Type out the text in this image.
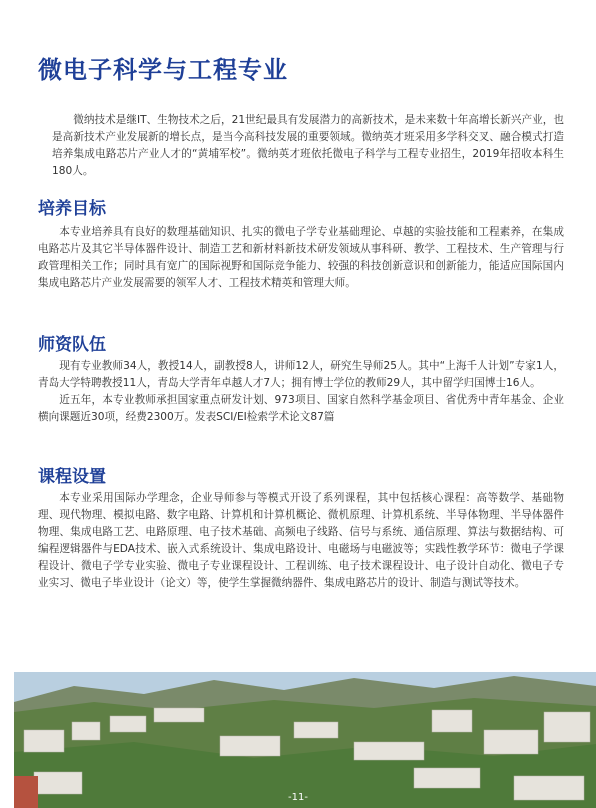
微电子科学与工程专业
微纳技术是继IT、生物技术之后，21世纪最具有发展潜力的高新技术，是未来数十年高增长新兴产业，也是高新技术产业发展新的增长点，是当今高科技发展的重要领域。微纳英才班采用多学科交叉、融合模式打造培养集成电路芯片产业人才的“黄埔军校”。微纳英才班依托微电子科学与工程专业招生，2019年招收本科生180人。
培养目标

本专业培养具有良好的数理基础知识、扎实的微电子学专业基础理论、卓越的实验技能和工程素养，在集成电路芯片及其它半导体器件设计、制造工艺和新材料新技术研发领域从事科研、教学、工程技术、生产管理与行政管理相关工作；同时具有宽广的国际视野和国际竞争能力、较强的科技创新意识和创新能力，能适应国际国内集成电路芯片产业发展需要的领军人才、工程技术精英和管理大师。

师资队伍

现有专业教师34人，教授14人，副教授8人，讲师12人，研究生导师25人。其中“上海千人计划”专家1人，青岛大学特聘教授11人，青岛大学青年卓越人才7人；拥有博士学位的教师29人，其中留学归国博士16人。

近五年，本专业教师承担国家重点研发计划、973项目、国家自然科学基金项目、省优秀中青年基金、企业横向课题近30项，经费2300万。发表SCI/EI检索学术论文87篇

课程设置

本专业采用国际办学理念，企业导师参与等模式开设了系列课程，其中包括核心课程：高等数学、基础物理、现代物理、模拟电路、数字电路、计算机和计算机概论、微机原理、计算机系统、半导体物理、半导体器件物理、集成电路工艺、电路原理、电子技术基础、高频电子线路、信号与系统、通信原理、算法与数据结构、可编程逻辑器件与EDA技术、嵌入式系统设计、集成电路设计、电磁场与电磁波等；实践性教学环节：微电子学课程设计、微电子学专业实验、微电子专业课程设计、工程训练、电子技术课程设计、电子设计自动化、微电子专业实习、微电子毕业设计（论文）等，使学生掌握微纳器件、集成电路芯片的设计、制造与测试等技术。

-11-
